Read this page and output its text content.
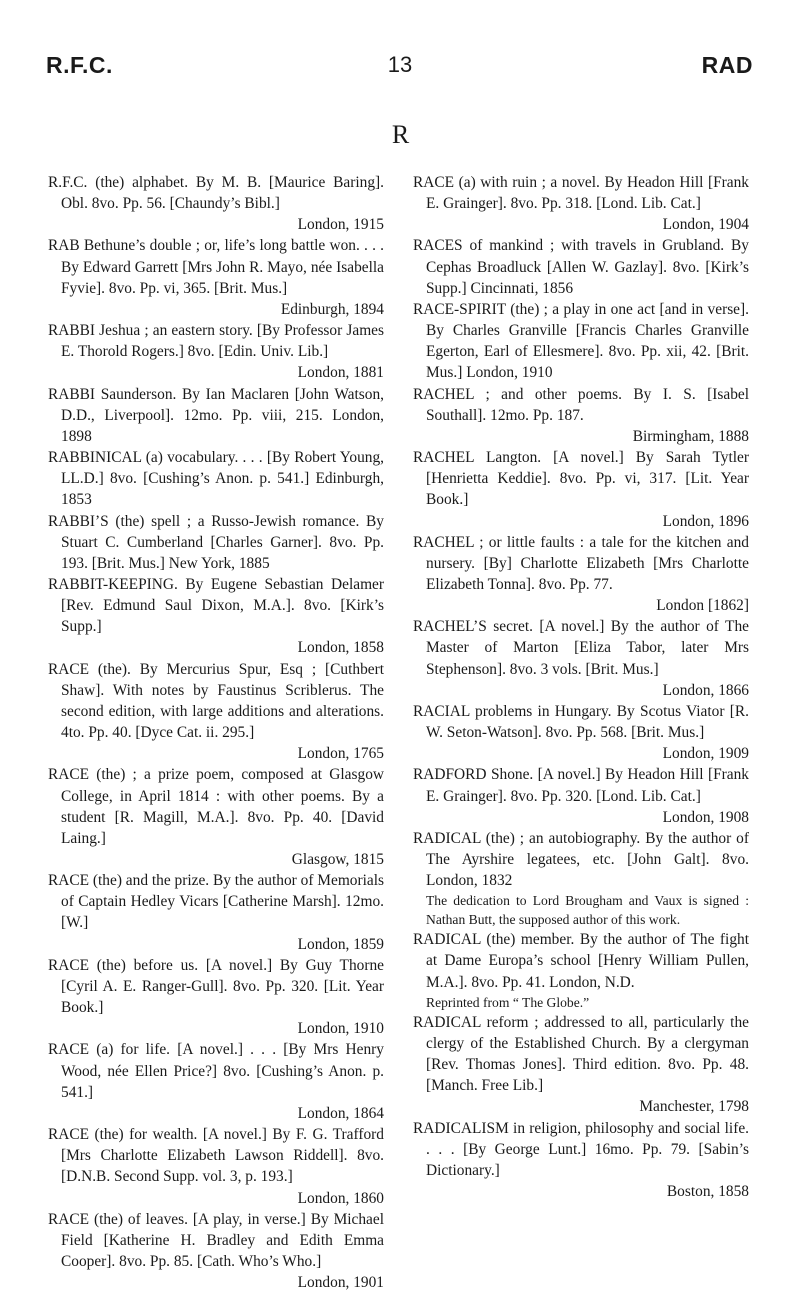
R.F.C.	13	RAD
R

R.F.C. (the) alphabet. By M. B. [Maurice Baring]. Obl. 8vo. Pp. 56. [Chaundy’s Bibl.]
London, 1915

RAB Bethune’s double ; or, life’s long battle won. . . . By Edward Garrett [Mrs John R. Mayo, née Isabella Fyvie]. 8vo. Pp. vi, 365. [Brit. Mus.]
Edinburgh, 1894

RABBI Jeshua ; an eastern story. [By Professor James E. Thorold Rogers.] 8vo. [Edin. Univ. Lib.]
London, 1881

RABBI Saunderson. By Ian Maclaren [John Watson, D.D., Liverpool]. 12mo. Pp. viii, 215. London, 1898

RABBINICAL (a) vocabulary. . . . [By Robert Young, LL.D.] 8vo. [Cushing’s Anon. p. 541.] Edinburgh, 1853

RABBI’S (the) spell ; a Russo-Jewish romance. By Stuart C. Cumberland [Charles Garner]. 8vo. Pp. 193. [Brit. Mus.] New York, 1885

RABBIT-KEEPING. By Eugene Sebastian Delamer [Rev. Edmund Saul Dixon, M.A.]. 8vo. [Kirk’s Supp.]
London, 1858

RACE (the). By Mercurius Spur, Esq ; [Cuthbert Shaw]. With notes by Faustinus Scriblerus. The second edition, with large additions and alterations. 4to. Pp. 40. [Dyce Cat. ii. 295.]
London, 1765

RACE (the) ; a prize poem, composed at Glasgow College, in April 1814 : with other poems. By a student [R. Magill, M.A.]. 8vo. Pp. 40. [David Laing.]
Glasgow, 1815

RACE (the) and the prize. By the author of Memorials of Captain Hedley Vicars [Catherine Marsh]. 12mo. [W.]
London, 1859

RACE (the) before us. [A novel.] By Guy Thorne [Cyril A. E. Ranger-Gull]. 8vo. Pp. 320. [Lit. Year Book.]
London, 1910

RACE (a) for life. [A novel.] . . . [By Mrs Henry Wood, née Ellen Price?] 8vo. [Cushing’s Anon. p. 541.]
London, 1864

RACE (the) for wealth. [A novel.] By F. G. Trafford [Mrs Charlotte Elizabeth Lawson Riddell]. 8vo. [D.N.B. Second Supp. vol. 3, p. 193.]
London, 1860

RACE (the) of leaves. [A play, in verse.] By Michael Field [Katherine H. Bradley and Edith Emma Cooper]. 8vo. Pp. 85. [Cath. Who’s Who.]
London, 1901

RACE (a) with ruin ; a novel. By Headon Hill [Frank E. Grainger]. 8vo. Pp. 318. [Lond. Lib. Cat.]
London, 1904

RACES of mankind ; with travels in Grubland. By Cephas Broadluck [Allen W. Gazlay]. 8vo. [Kirk’s Supp.] Cincinnati, 1856

RACE-SPIRIT (the) ; a play in one act [and in verse]. By Charles Granville [Francis Charles Granville Egerton, Earl of Ellesmere]. 8vo. Pp. xii, 42. [Brit. Mus.] London, 1910

RACHEL ; and other poems. By I. S. [Isabel Southall]. 12mo. Pp. 187.
Birmingham, 1888

RACHEL Langton. [A novel.] By Sarah Tytler [Henrietta Keddie]. 8vo. Pp. vi, 317. [Lit. Year Book.]
London, 1896

RACHEL ; or little faults : a tale for the kitchen and nursery. [By] Charlotte Elizabeth [Mrs Charlotte Elizabeth Tonna]. 8vo. Pp. 77.
London [1862]

RACHEL’S secret. [A novel.] By the author of The Master of Marton [Eliza Tabor, later Mrs Stephenson]. 8vo. 3 vols. [Brit. Mus.]
London, 1866

RACIAL problems in Hungary. By Scotus Viator [R. W. Seton-Watson]. 8vo. Pp. 568. [Brit. Mus.]
London, 1909

RADFORD Shone. [A novel.] By Headon Hill [Frank E. Grainger]. 8vo. Pp. 320. [Lond. Lib. Cat.]
London, 1908

RADICAL (the) ; an autobiography. By the author of The Ayrshire legatees, etc. [John Galt]. 8vo. London, 1832

The dedication to Lord Brougham and Vaux is signed : Nathan Butt, the supposed author of this work.

RADICAL (the) member. By the author of The fight at Dame Europa’s school [Henry William Pullen, M.A.]. 8vo. Pp. 41. London, N.D.

Reprinted from “ The Globe.”

RADICAL reform ; addressed to all, particularly the clergy of the Established Church. By a clergyman [Rev. Thomas Jones]. Third edition. 8vo. Pp. 48. [Manch. Free Lib.]
Manchester, 1798

RADICALISM in religion, philosophy and social life. . . . [By George Lunt.] 16mo. Pp. 79. [Sabin’s Dictionary.]
Boston, 1858
